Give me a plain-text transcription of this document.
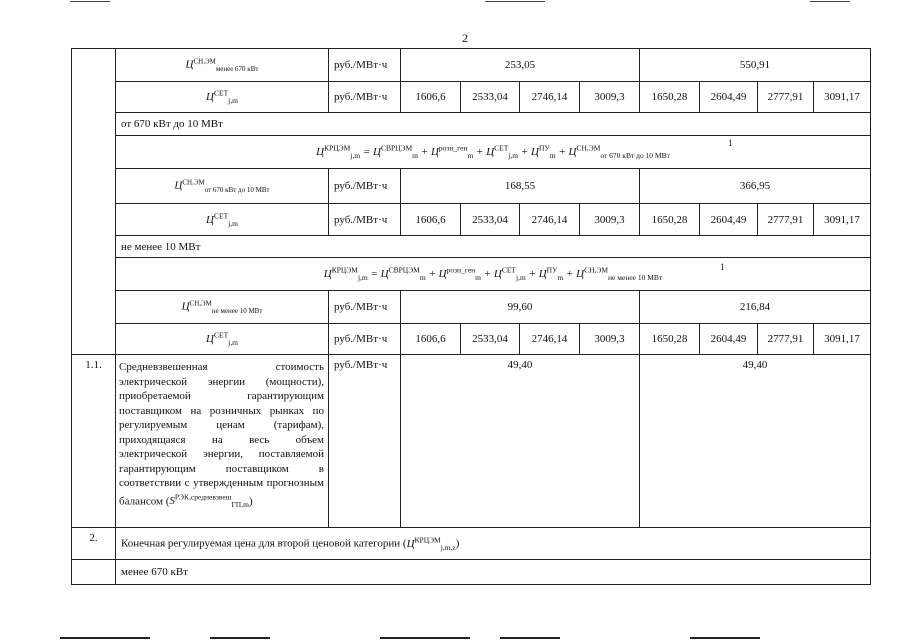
2
	$Ц^{СН,ЭМ}_{менее 670 кВт}$	руб./МВт·ч	253,05				550,91			
	$Ц^{СЕТ}_{j,m}$	руб./МВт·ч	1606,6	2533,04	2746,14	3009,3	1650,28	2604,49	2777,91	3091,17
	от 670 кВт до 10 МВт									
	$Ц^{КРЦЭМ}_{j,m} = Ц^{СВРЦЭМ}_m + Ц^{розн\_ген}_m + Ц^{СЕТ}_{j,m} + Ц^{ПУ}_m + Ц^{СН,ЭМ}_{от 670 кВт до 10 МВт}$
1									

	$Ц^{СН,ЭМ}_{от 670 кВт до 10 МВт}$	руб./МВт·ч	168,55				366,95			
	$Ц^{СЕТ}_{j,m}$	руб./МВт·ч	1606,6	2533,04	2746,14	3009,3	1650,28	2604,49	2777,91	3091,17
	не менее 10 МВт									
	$Ц^{КРЦЭМ}_{j,m} = Ц^{СВРЦЭМ}_m + Ц^{розн\_ген}_m + Ц^{СЕТ}_{j,m} + Ц^{ПУ}_m + Ц^{СН,ЭМ}_{не менее 10 МВт}$
1									

	$Ц^{СН,ЭМ}_{не менее 10 МВт}$	руб./МВт·ч	99,60				216,84			
	$Ц^{СЕТ}_{j,m}$	руб./МВт·ч	1606,6	2533,04	2746,14	3009,3	1650,28	2604,49	2777,91	3091,17
1.1.	Средневзвешенная стоимость электрической энергии (мощности), приобретаемой гарантирующим поставщиком на розничных рынках по регулируемым ценам (тарифам), приходящаяся на весь объем электрической энергии, поставляемой гарантирующим поставщиком в соответствии с утвержденным прогнозным балансом $(S^{РЭК,средневзвеш}_{ГП,m})$	руб./МВт·ч	49,40				49,40			
2.	Конечная регулируемая цена для второй ценовой категории $(Ц^{КРЦЭМ}_{j,m,z})$									
	менее 670 кВт									
